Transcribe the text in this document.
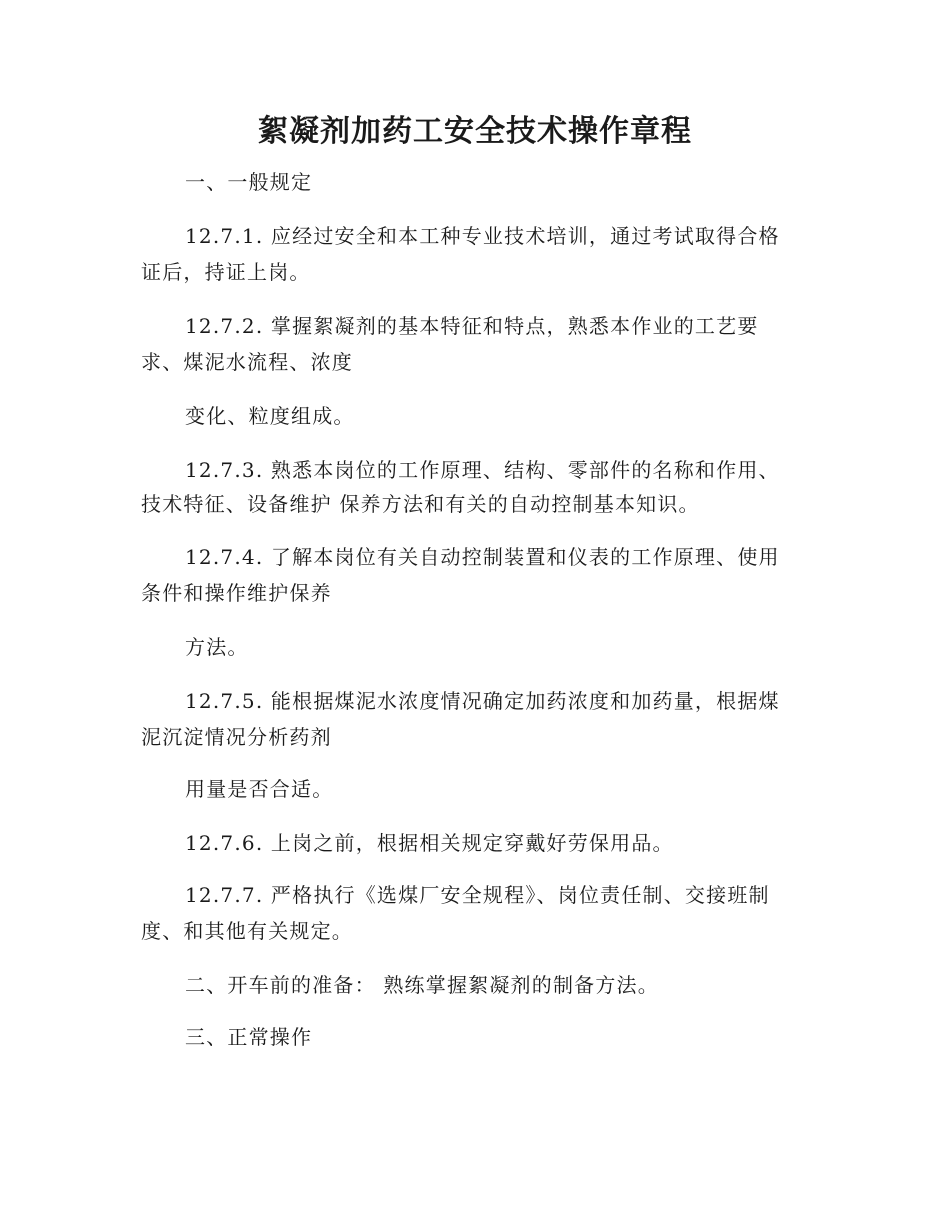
絮凝剂加药工安全技术操作章程

一、一般规定

12.7.1. 应经过安全和本工种专业技术培训，通过考试取得合格

证后，持证上岗。

12.7.2. 掌握絮凝剂的基本特征和特点，熟悉本作业的工艺要

求、煤泥水流程、浓度

变化、粒度组成。

12.7.3. 熟悉本岗位的工作原理、结构、零部件的名称和作用、

技术特征、设备维护 保养方法和有关的自动控制基本知识。

12.7.4. 了解本岗位有关自动控制装置和仪表的工作原理、使用

条件和操作维护保养

方法。

12.7.5. 能根据煤泥水浓度情况确定加药浓度和加药量，根据煤

泥沉淀情况分析药剂

用量是否合适。

12.7.6. 上岗之前，根据相关规定穿戴好劳保用品。

12.7.7. 严格执行《选煤厂安全规程》、岗位责任制、交接班制

度、和其他有关规定。

二、开车前的准备： 熟练掌握絮凝剂的制备方法。

三、正常操作
